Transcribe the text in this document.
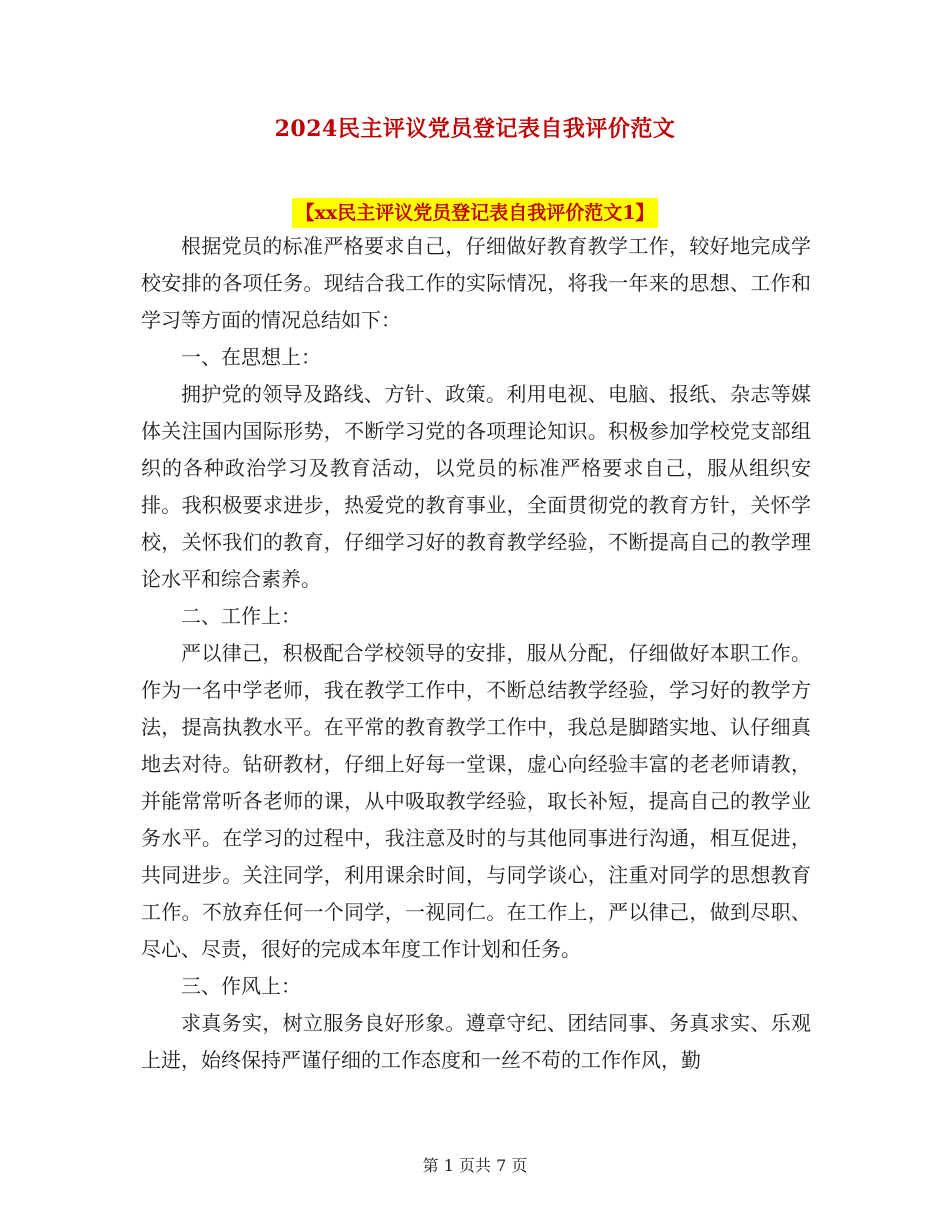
2024民主评议党员登记表自我评价范文
【xx民主评议党员登记表自我评价范文1】

根据党员的标准严格要求自己，仔细做好教育教学工作，较好地完成学校安排的各项任务。现结合我工作的实际情况，将我一年来的思想、工作和学习等方面的情况总结如下：

一、在思想上：

拥护党的领导及路线、方针、政策。利用电视、电脑、报纸、杂志等媒体关注国内国际形势，不断学习党的各项理论知识。积极参加学校党支部组织的各种政治学习及教育活动，以党员的标准严格要求自己，服从组织安排。我积极要求进步，热爱党的教育事业，全面贯彻党的教育方针，关怀学校，关怀我们的教育，仔细学习好的教育教学经验，不断提高自己的教学理论水平和综合素养。

二、工作上：

严以律己，积极配合学校领导的安排，服从分配，仔细做好本职工作。作为一名中学老师，我在教学工作中，不断总结教学经验，学习好的教学方法，提高执教水平。在平常的教育教学工作中，我总是脚踏实地、认仔细真地去对待。钻研教材，仔细上好每一堂课，虚心向经验丰富的老老师请教，并能常常听各老师的课，从中吸取教学经验，取长补短，提高自己的教学业务水平。在学习的过程中，我注意及时的与其他同事进行沟通，相互促进，共同进步。关注同学，利用课余时间，与同学谈心，注重对同学的思想教育工作。不放弃任何一个同学，一视同仁。在工作上，严以律己，做到尽职、尽心、尽责，很好的完成本年度工作计划和任务。

三、作风上：

求真务实，树立服务良好形象。遵章守纪、团结同事、务真求实、乐观上进，始终保持严谨仔细的工作态度和一丝不苟的工作作风，勤

第 1 页共 7 页
